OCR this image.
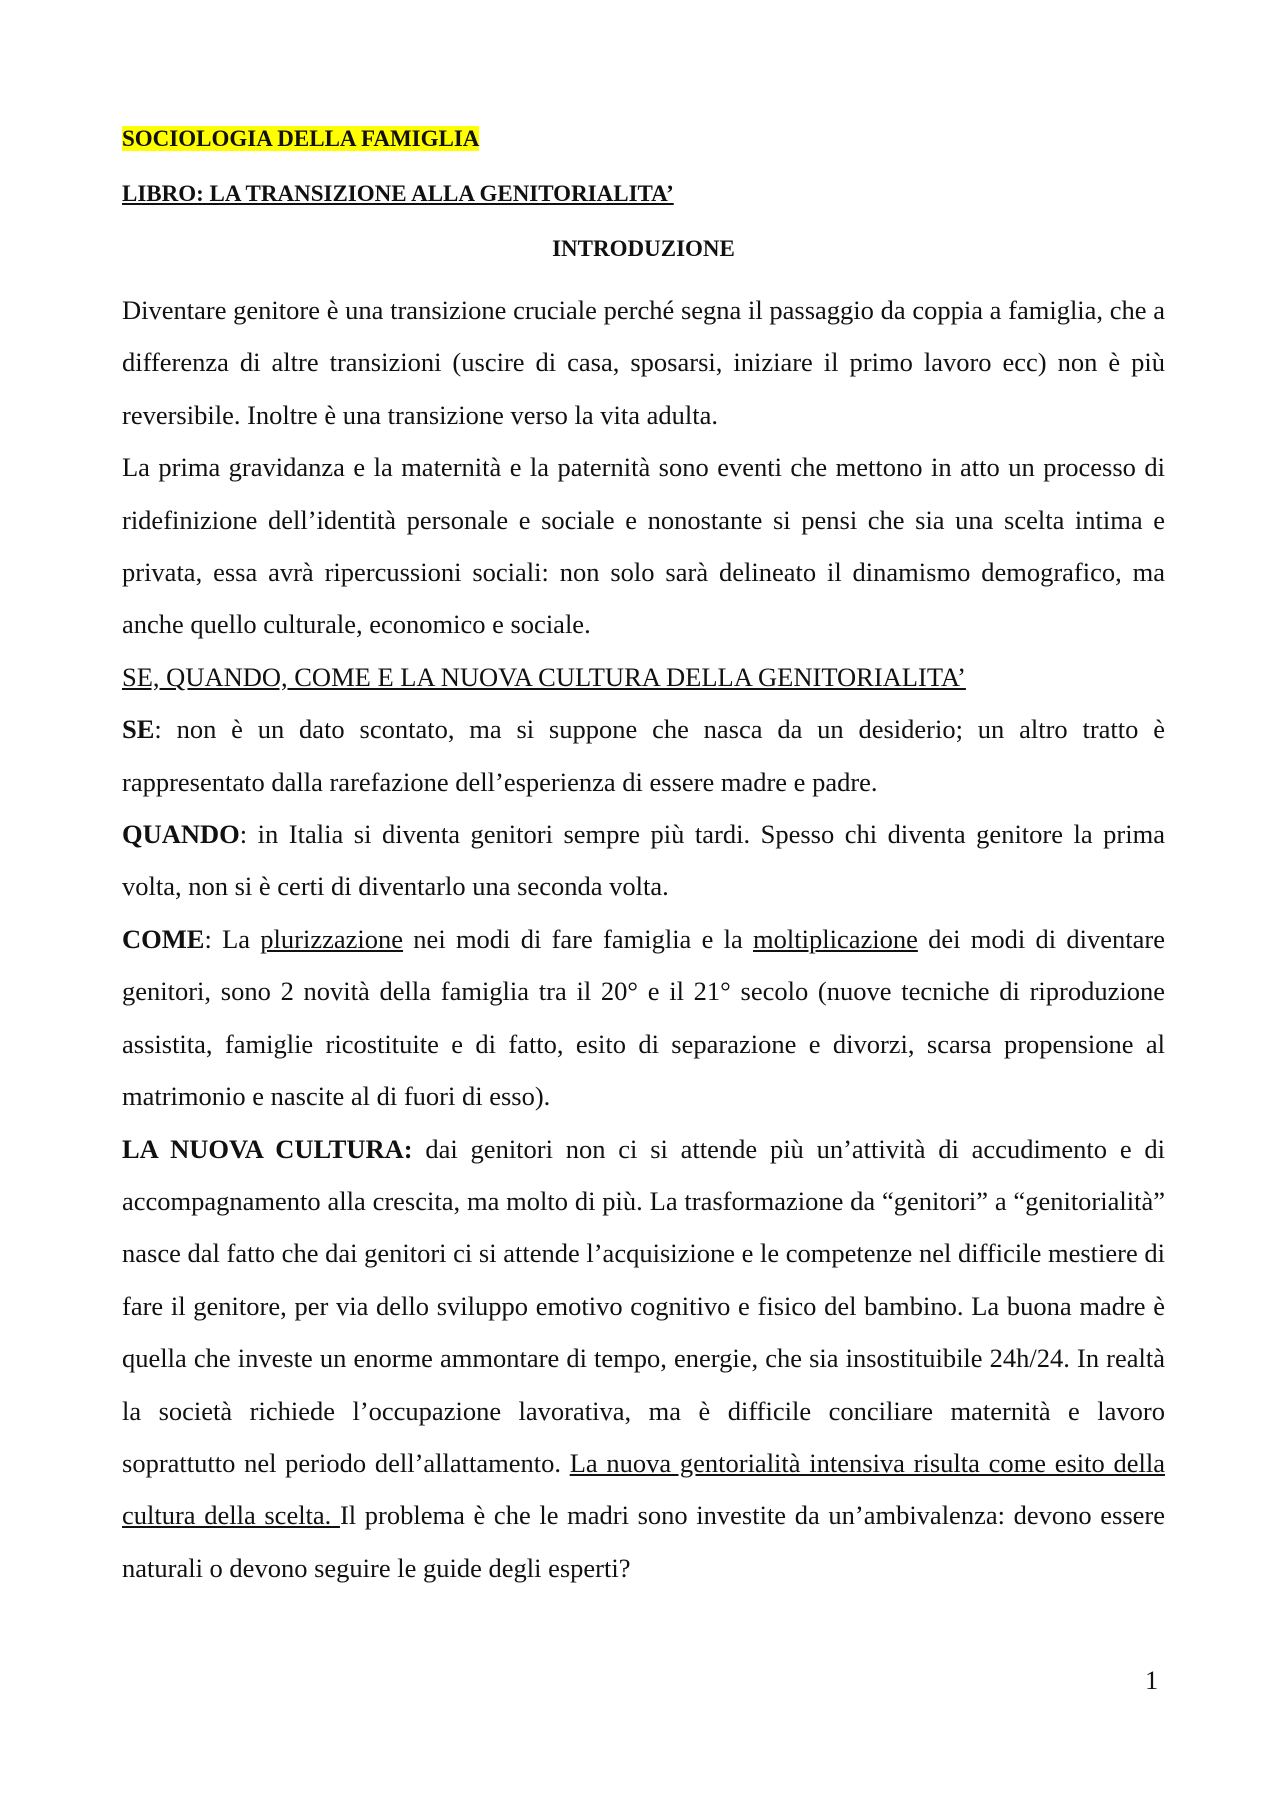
SOCIOLOGIA DELLA FAMIGLIA

LIBRO: LA TRANSIZIONE ALLA GENITORIALITA’

INTRODUZIONE

Diventare genitore è una transizione cruciale perché segna il passaggio da coppia a famiglia, che a differenza di altre transizioni (uscire di casa, sposarsi, iniziare il primo lavoro ecc) non è più reversibile. Inoltre è una transizione verso la vita adulta.

La prima gravidanza e la maternità e la paternità sono eventi che mettono in atto un processo di ridefinizione dell’identità personale e sociale e nonostante si pensi che sia una scelta intima e privata, essa avrà ripercussioni sociali: non solo sarà delineato il dinamismo demografico, ma anche quello culturale, economico e sociale.

SE, QUANDO, COME E LA NUOVA CULTURA DELLA GENITORIALITA’

SE: non è un dato scontato, ma si suppone che nasca da un desiderio; un altro tratto è rappresentato dalla rarefazione dell’esperienza di essere madre e padre.

QUANDO: in Italia si diventa genitori sempre più tardi. Spesso chi diventa genitore la prima volta, non si è certi di diventarlo una seconda volta.

COME: La plurizzazione nei modi di fare famiglia e la moltiplicazione dei modi di diventare genitori, sono 2 novità della famiglia tra il 20° e il 21° secolo (nuove tecniche di riproduzione assistita, famiglie ricostituite e di fatto, esito di separazione e divorzi, scarsa propensione al matrimonio e nascite al di fuori di esso).

LA NUOVA CULTURA: dai genitori non ci si attende più un’attività di accudimento e di accompagnamento alla crescita, ma molto di più. La trasformazione da “genitori” a “genitorialità” nasce dal fatto che dai genitori ci si attende l’acquisizione e le competenze nel difficile mestiere di fare il genitore, per via dello sviluppo emotivo cognitivo e fisico del bambino. La buona madre è quella che investe un enorme ammontare di tempo, energie, che sia insostituibile 24h/24. In realtà la società richiede l’occupazione lavorativa, ma è difficile conciliare maternità e lavoro soprattutto nel periodo dell’allattamento. La nuova gentorialità intensiva risulta come esito della cultura della scelta. Il problema è che le madri sono investite da un’ambivalenza: devono essere naturali o devono seguire le guide degli esperti?

1
